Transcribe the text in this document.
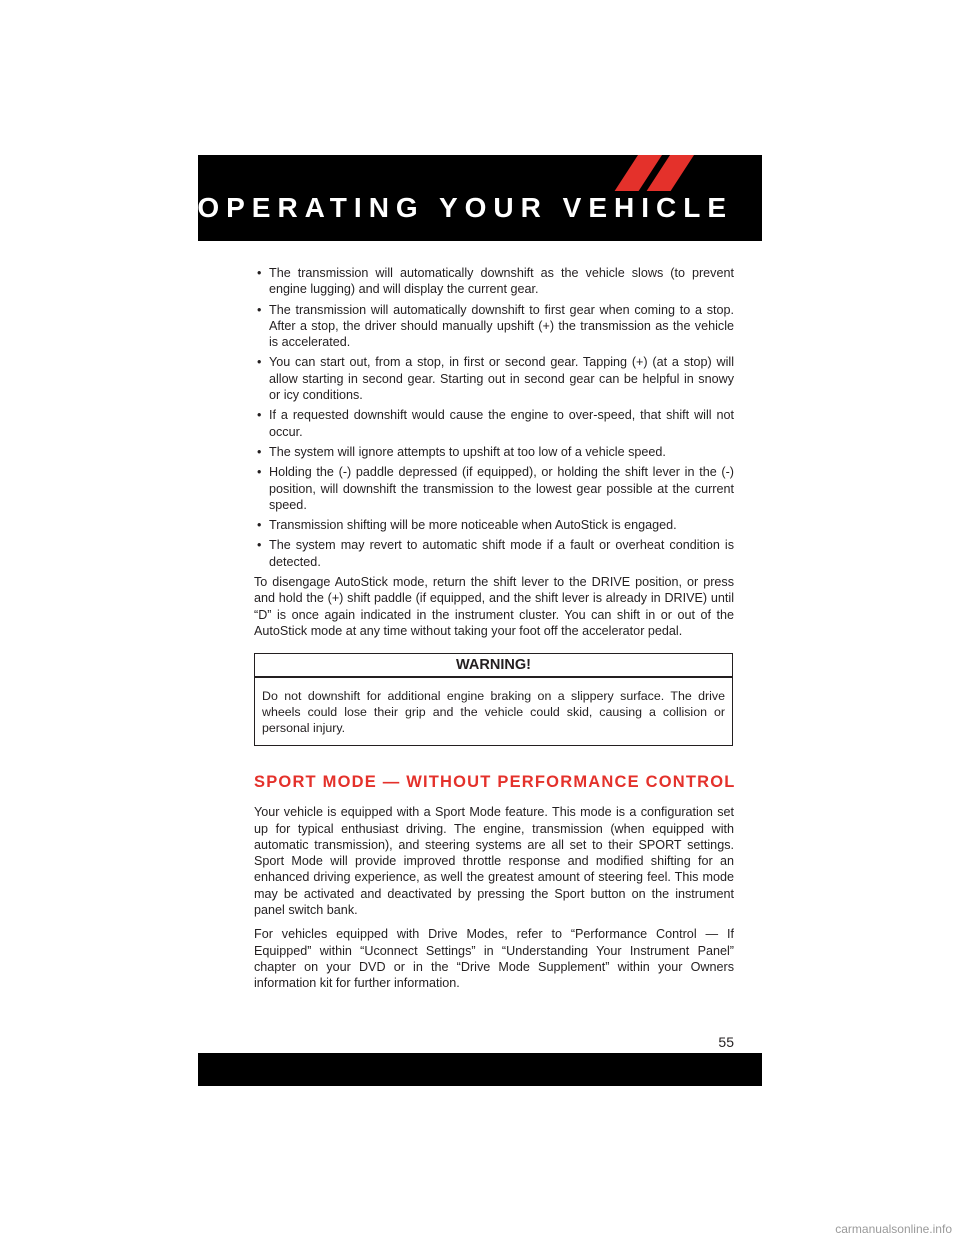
OPERATING YOUR VEHICLE
• The transmission will automatically downshift as the vehicle slows (to prevent engine lugging) and will display the current gear.
• The transmission will automatically downshift to first gear when coming to a stop. After a stop, the driver should manually upshift (+) the transmission as the vehicle is accelerated.
• You can start out, from a stop, in first or second gear. Tapping (+) (at a stop) will allow starting in second gear. Starting out in second gear can be helpful in snowy or icy conditions.
• If a requested downshift would cause the engine to over-speed, that shift will not occur.
• The system will ignore attempts to upshift at too low of a vehicle speed.
• Holding the (-) paddle depressed (if equipped), or holding the shift lever in the (-) position, will downshift the transmission to the lowest gear possible at the current speed.
• Transmission shifting will be more noticeable when AutoStick is engaged.
• The system may revert to automatic shift mode if a fault or overheat condition is detected.

To disengage AutoStick mode, return the shift lever to the DRIVE position, or press and hold the (+) shift paddle (if equipped, and the shift lever is already in DRIVE) until “D” is once again indicated in the instrument cluster. You can shift in or out of the AutoStick mode at any time without taking your foot off the accelerator pedal.

WARNING!
Do not downshift for additional engine braking on a slippery surface. The drive wheels could lose their grip and the vehicle could skid, causing a collision or personal injury.
SPORT MODE — WITHOUT PERFORMANCE CONTROL

Your vehicle is equipped with a Sport Mode feature. This mode is a configuration set up for typical enthusiast driving. The engine, transmission (when equipped with automatic transmission), and steering systems are all set to their SPORT settings. Sport Mode will provide improved throttle response and modified shifting for an enhanced driving experience, as well the greatest amount of steering feel. This mode may be activated and deactivated by pressing the Sport button on the instrument panel switch bank.

For vehicles equipped with Drive Modes, refer to “Performance Control — If Equipped” within “Uconnect Settings” in “Understanding Your Instrument Panel” chapter on your DVD or in the “Drive Mode Supplement” within your Owners information kit for further information.

55
carmanualsonline.info
